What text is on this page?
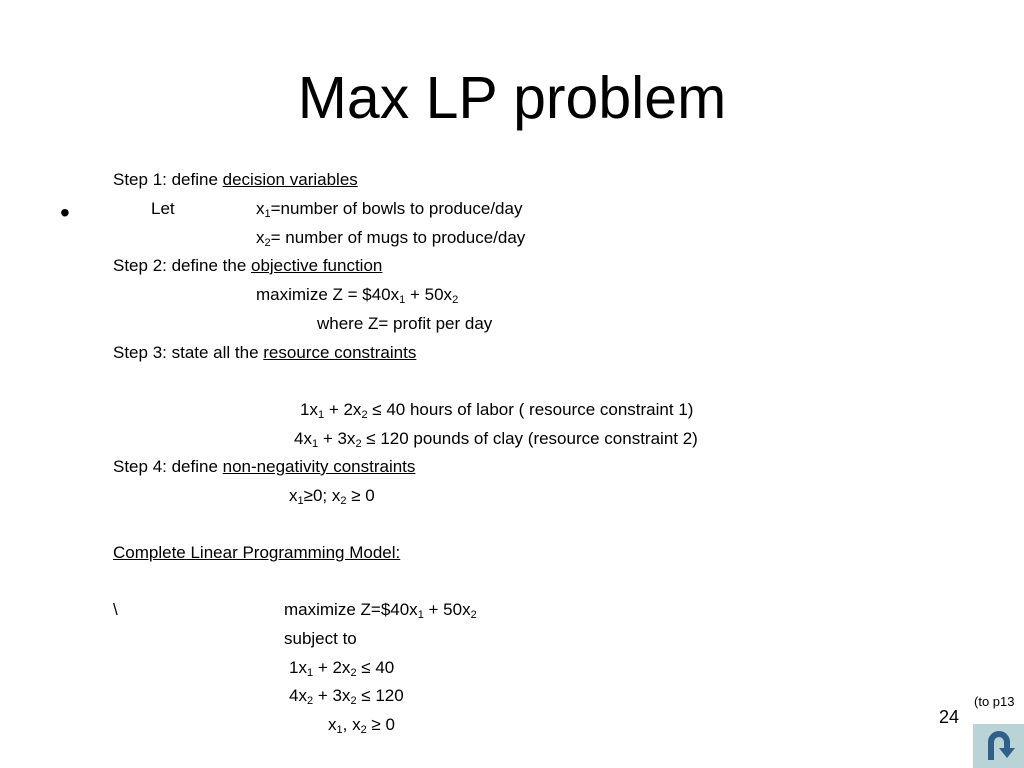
Max LP problem
•
Step 1: define decision variables
Let	$x_1=number$ of bowls to produce/day
$x_2=$ number of mugs to produce/day
Step 2: define the objective function
maximize $Z = \$40x_1 + 50x_2$
where Z= profit per day
Step 3: state all the resource constraints
$1x_1 + 2x_2 \le 40$ hours of labor ( resource constraint 1)
$4x_1 + 3x_2 \le 120$ pounds of clay (resource constraint 2)
Step 4: define non-negativity constraints
$x_1\ge 0$; $x_2 \ge 0$
Complete Linear Programming Model:
\	maximize $Z=\$40x_1 + 50x_2$
subject to
$1x_1 + 2x_2 \le 40$
$4x_2 + 3x_2 \le 120$
$x_1$, $x_2 \ge 0$	24
(to p13
